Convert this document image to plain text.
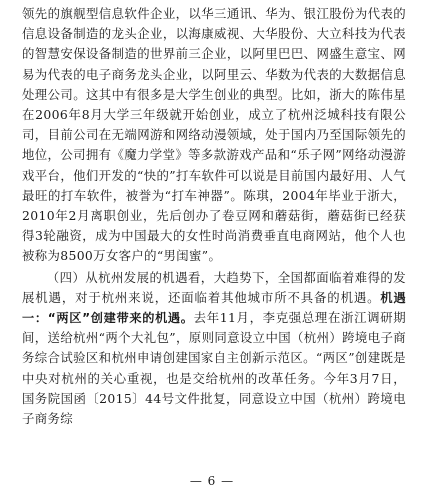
领先的旗舰型信息软件企业，以华三通讯、华为、银江股份为代表的信息设备制造的龙头企业，以海康威视、大华股份、大立科技为代表的智慧安保设备制造的世界前三企业，以阿里巴巴、网盛生意宝、网易为代表的电子商务龙头企业，以阿里云、华数为代表的大数据信息处理公司。这其中有很多是大学生创业的典型。比如，浙大的陈伟星在2006年8月大学三年级就开始创业，成立了杭州泛城科技有限公司，目前公司在无端网游和网络动漫领域，处于国内乃至国际领先的地位，公司拥有《魔力学堂》等多款游戏产品和“乐子网”网络动漫游戏平台，他们开发的“快的”打车软件可以说是目前国内最好用、人气最旺的打车软件，被誉为“打车神器”。陈琪，2004年毕业于浙大，2010年2月离职创业，先后创办了卷豆网和蘑菇街，蘑菇街已经获得3轮融资，成为中国最大的女性时尚消费垂直电商网站，他个人也被称为8500万女客户的“男闺蜜”。

（四）从杭州发展的机遇看，大趋势下，全国都面临着难得的发展机遇，对于杭州来说，还面临着其他城市所不具备的机遇。机遇一：“两区”创建带来的机遇。去年11月，李克强总理在浙江调研期间，送给杭州“两个大礼包”，原则同意设立中国（杭州）跨境电子商务综合试验区和杭州申请创建国家自主创新示范区。“两区”创建既是中央对杭州的关心重视，也是交给杭州的改革任务。今年3月7日，国务院国函〔2015〕44号文件批复，同意设立中国（杭州）跨境电子商务综

— 6 —
